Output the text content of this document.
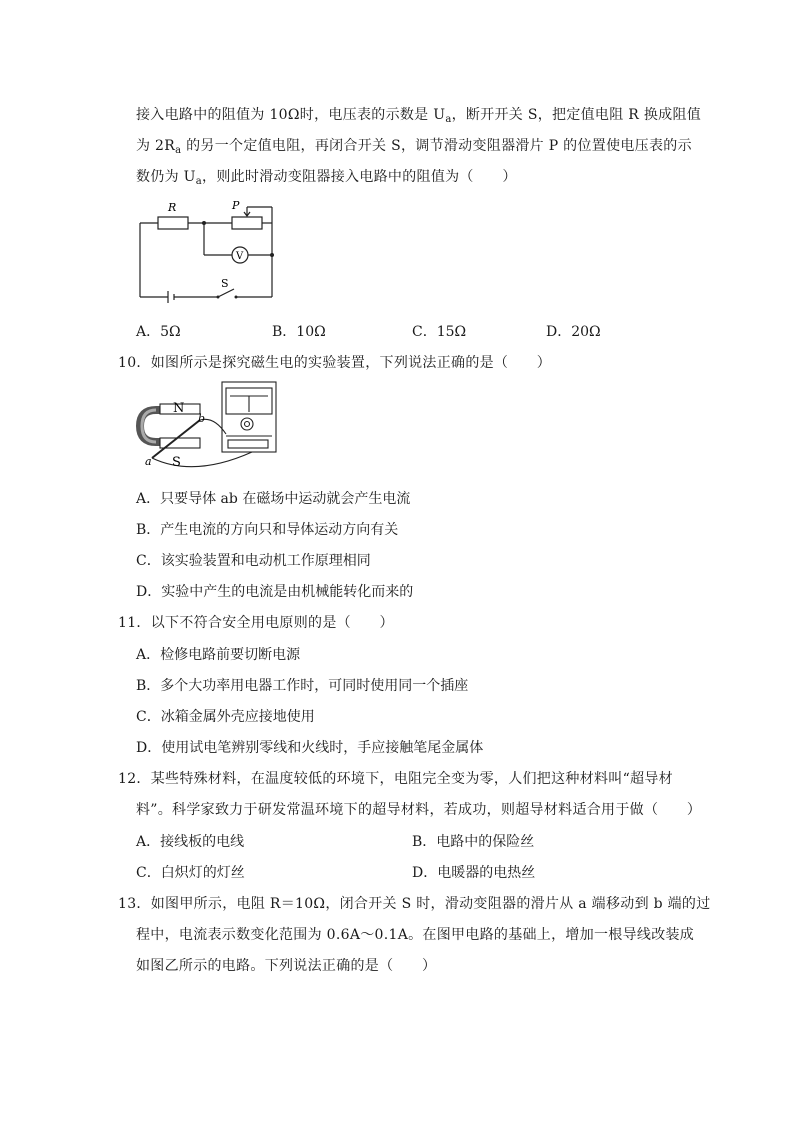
接入电路中的阻值为 10Ω时，电压表的示数是 $U_a$，断开开关 S，把定值电阻 R 换成阻值
为 $2R_a$ 的另一个定值电阻，再闭合开关 S，调节滑动变阻器滑片 P 的位置使电压表的示
数仍为 $U_a$，则此时滑动变阻器接入电路中的阻值为（　　）
R	P
V
S
A．5Ω	B．10Ω	C．15Ω	D．20Ω
10．如图所示是探究磁生电的实验装置，下列说法正确的是（　　）
N
S
a
b
A．只要导体 ab 在磁场中运动就会产生电流
B．产生电流的方向只和导体运动方向有关
C．该实验装置和电动机工作原理相同
D．实验中产生的电流是由机械能转化而来的
11．以下不符合安全用电原则的是（　　）
A．检修电路前要切断电源
B．多个大功率用电器工作时，可同时使用同一个插座
C．冰箱金属外壳应接地使用
D．使用试电笔辨别零线和火线时，手应接触笔尾金属体
12．某些特殊材料，在温度较低的环境下，电阻完全变为零，人们把这种材料叫“超导材
料”。科学家致力于研发常温环境下的超导材料，若成功，则超导材料适合用于做（　　）
A．接线板的电线	B．电路中的保险丝
C．白炽灯的灯丝	D．电暖器的电热丝
13．如图甲所示，电阻 R＝10Ω，闭合开关 S 时，滑动变阻器的滑片从 a 端移动到 b 端的过
程中，电流表示数变化范围为 0.6A～0.1A。在图甲电路的基础上，增加一根导线改装成
如图乙所示的电路。下列说法正确的是（　　）
